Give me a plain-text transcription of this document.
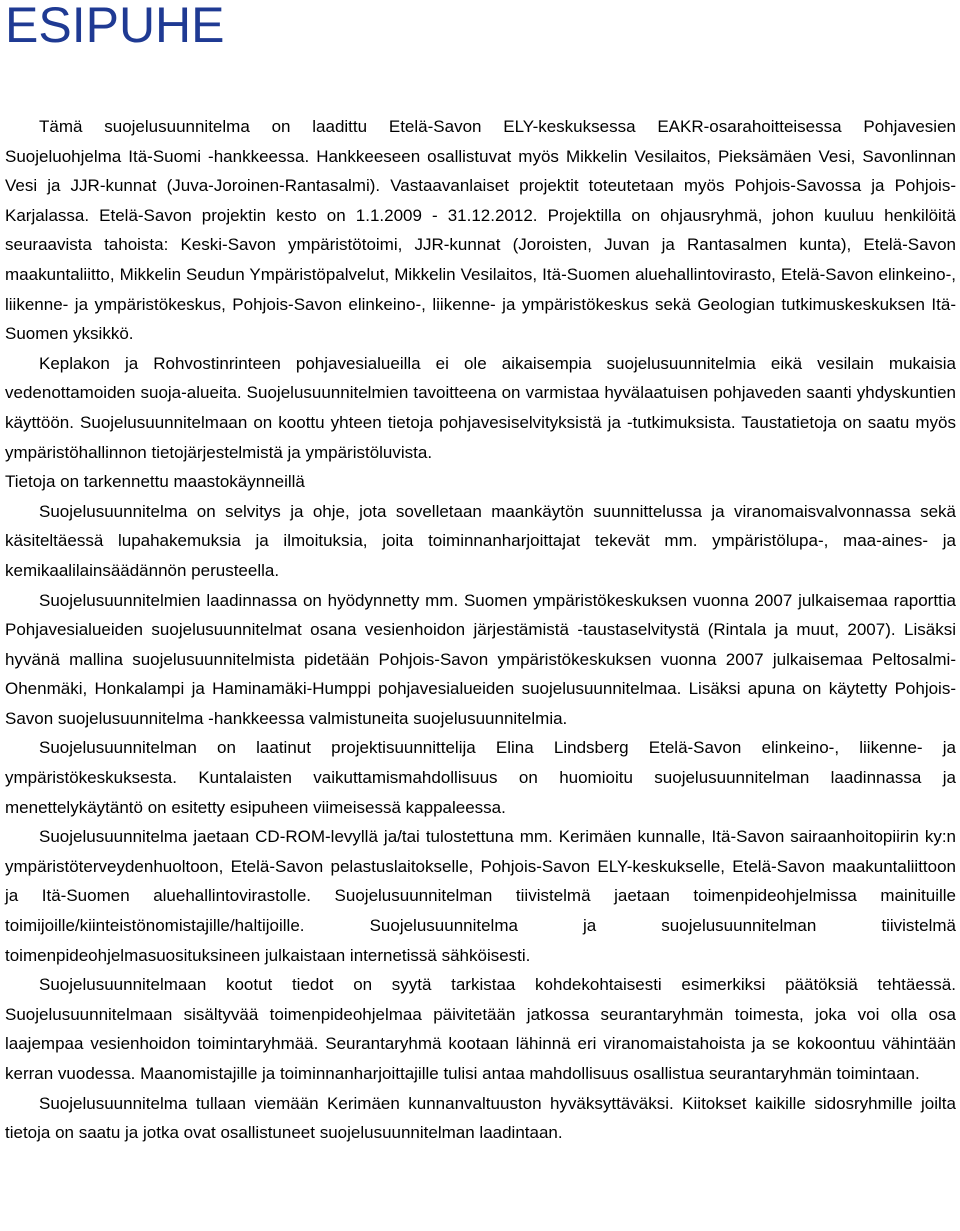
ESIPUHE

Tämä suojelusuunnitelma on laadittu Etelä-Savon ELY-keskuksessa EAKR-osarahoitteisessa Pohjavesien Suojeluohjelma Itä-Suomi -hankkeessa. Hankkeeseen osallistuvat myös Mikkelin Vesilaitos, Pieksämäen Vesi, Savonlinnan Vesi ja JJR-kunnat (Juva-Joroinen-Rantasalmi). Vastaavanlaiset projektit toteutetaan myös Pohjois-Savossa ja Pohjois-Karjalassa. Etelä-Savon projektin kesto on 1.1.2009 - 31.12.2012. Projektilla on ohjausryhmä, johon kuuluu henkilöitä seuraavista tahoista: Keski-Savon ympäristötoimi, JJR-kunnat (Joroisten, Juvan ja Rantasalmen kunta), Etelä-Savon maakuntaliitto, Mikkelin Seudun Ympäristöpalvelut, Mikkelin Vesilaitos, Itä-Suomen aluehallintovirasto, Etelä-Savon elinkeino-, liikenne- ja ympäristökeskus, Pohjois-Savon elinkeino-, liikenne- ja ympäristökeskus sekä Geologian tutkimuskeskuksen Itä-Suomen yksikkö.

Keplakon ja Rohvostinrinteen pohjavesialueilla ei ole aikaisempia suojelusuunnitelmia eikä vesilain mukaisia vedenottamoiden suoja-alueita. Suojelusuunnitelmien tavoitteena on varmistaa hyvälaatuisen pohjaveden saanti yhdyskuntien käyttöön. Suojelusuunnitelmaan on koottu yhteen tietoja pohjavesiselvityksistä ja -tutkimuksista. Taustatietoja on saatu myös ympäristöhallinnon tietojärjestelmistä ja ympäristöluvista.

Tietoja on tarkennettu maastokäynneillä

Suojelusuunnitelma on selvitys ja ohje, jota sovelletaan maankäytön suunnittelussa ja viranomaisvalvonnassa sekä käsiteltäessä lupahakemuksia ja ilmoituksia, joita toiminnanharjoittajat tekevät mm. ympäristölupa-, maa-aines- ja kemikaalilainsäädännön perusteella.

Suojelusuunnitelmien laadinnassa on hyödynnetty mm. Suomen ympäristökeskuksen vuonna 2007 julkaisemaa raporttia Pohjavesialueiden suojelusuunnitelmat osana vesienhoidon järjestämistä -taustaselvitystä (Rintala ja muut, 2007). Lisäksi hyvänä mallina suojelusuunnitelmista pidetään Pohjois-Savon ympäristökeskuksen vuonna 2007 julkaisemaa Peltosalmi-Ohenmäki, Honkalampi ja Haminamäki-Humppi pohjavesialueiden suojelusuunnitelmaa. Lisäksi apuna on käytetty Pohjois-Savon suojelusuunnitelma -hankkeessa valmistuneita suojelusuunnitelmia.

Suojelusuunnitelman on laatinut projektisuunnittelija Elina Lindsberg Etelä-Savon elinkeino-, liikenne- ja ympäristökeskuksesta. Kuntalaisten vaikuttamismahdollisuus on huomioitu suojelusuunnitelman laadinnassa ja menettelykäytäntö on esitetty esipuheen viimeisessä kappaleessa.

Suojelusuunnitelma jaetaan CD-ROM-levyllä ja/tai tulostettuna mm. Kerimäen kunnalle, Itä-Savon sairaanhoitopiirin ky:n ympäristöterveydenhuoltoon, Etelä-Savon pelastuslaitokselle, Pohjois-Savon ELY-keskukselle, Etelä-Savon maakuntaliittoon ja Itä-Suomen aluehallintovirastolle. Suojelusuunnitelman tiivistelmä jaetaan toimenpideohjelmissa mainituille toimijoille/kiinteistönomistajille/haltijoille. Suojelusuunnitelma ja suojelusuunnitelman tiivistelmä toimenpideohjelmasuosituksineen julkaistaan internetissä sähköisesti.

Suojelusuunnitelmaan kootut tiedot on syytä tarkistaa kohdekohtaisesti esimerkiksi päätöksiä tehtäessä. Suojelusuunnitelmaan sisältyvää toimenpideohjelmaa päivitetään jatkossa seurantaryhmän toimesta, joka voi olla osa laajempaa vesienhoidon toimintaryhmää. Seurantaryhmä kootaan lähinnä eri viranomaistahoista ja se kokoontuu vähintään kerran vuodessa. Maanomistajille ja toiminnanharjoittajille tulisi antaa mahdollisuus osallistua seurantaryhmän toimintaan.

Suojelusuunnitelma tullaan viemään Kerimäen kunnanvaltuuston hyväksyttäväksi. Kiitokset kaikille sidosryhmille joilta tietoja on saatu ja jotka ovat osallistuneet suojelusuunnitelman laadintaan.
